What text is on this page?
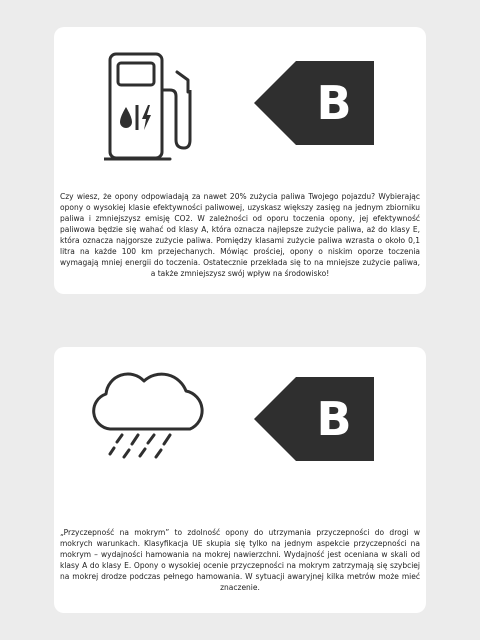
B

Czy wiesz, że opony odpowiadają za nawet 20% zużycia paliwa Twojego pojazdu? Wybierając opony o wysokiej klasie efektywności paliwowej, uzyskasz większy zasięg na jednym zbiorniku paliwa i zmniejszysz emisję CO2. W zależności od oporu toczenia opony, jej efektywność paliwowa będzie się wahać od klasy A, która oznacza najlepsze zużycie paliwa, aż do klasy E, która oznacza najgorsze zużycie paliwa. Pomiędzy klasami zużycie paliwa wzrasta o około 0,1 litra na każde 100 km przejechanych. Mówiąc prościej, opony o niskim oporze toczenia wymagają mniej energii do toczenia. Ostatecznie przekłada się to na mniejsze zużycie paliwa, a także zmniejszysz swój wpływ na środowisko!

B

„Przyczepność na mokrym” to zdolność opony do utrzymania przyczepności do drogi w mokrych warunkach. Klasyfikacja UE skupia się tylko na jednym aspekcie przyczepności na mokrym – wydajności hamowania na mokrej nawierzchni. Wydajność jest oceniana w skali od klasy A do klasy E. Opony o wysokiej ocenie przyczepności na mokrym zatrzymają się szybciej na mokrej drodze podczas pełnego hamowania. W sytuacji awaryjnej kilka metrów może mieć znaczenie.
